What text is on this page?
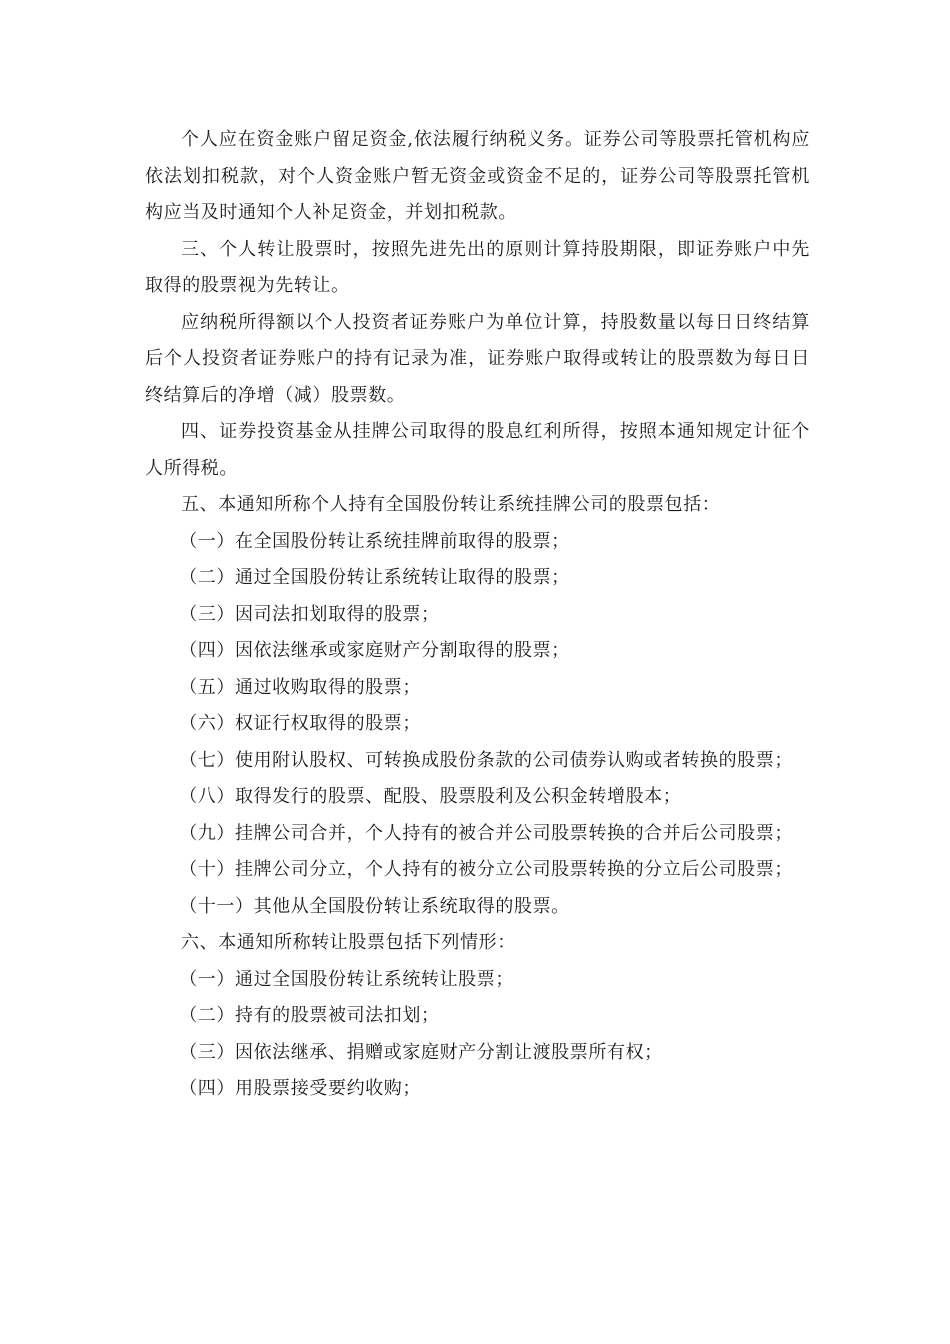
个人应在资金账户留足资金,依法履行纳税义务。证券公司等股票托管机构应依法划扣税款，对个人资金账户暂无资金或资金不足的，证券公司等股票托管机构应当及时通知个人补足资金，并划扣税款。

三、个人转让股票时，按照先进先出的原则计算持股期限，即证券账户中先取得的股票视为先转让。

应纳税所得额以个人投资者证券账户为单位计算，持股数量以每日日终结算后个人投资者证券账户的持有记录为准，证券账户取得或转让的股票数为每日日终结算后的净增（减）股票数。

四、证券投资基金从挂牌公司取得的股息红利所得，按照本通知规定计征个人所得税。

五、本通知所称个人持有全国股份转让系统挂牌公司的股票包括：

（一）在全国股份转让系统挂牌前取得的股票；

（二）通过全国股份转让系统转让取得的股票；

（三）因司法扣划取得的股票；

（四）因依法继承或家庭财产分割取得的股票；

（五）通过收购取得的股票；

（六）权证行权取得的股票；

（七）使用附认股权、可转换成股份条款的公司债券认购或者转换的股票；

（八）取得发行的股票、配股、股票股利及公积金转增股本；

（九）挂牌公司合并，个人持有的被合并公司股票转换的合并后公司股票；

（十）挂牌公司分立，个人持有的被分立公司股票转换的分立后公司股票；

（十一）其他从全国股份转让系统取得的股票。

六、本通知所称转让股票包括下列情形：

（一）通过全国股份转让系统转让股票；

（二）持有的股票被司法扣划；

（三）因依法继承、捐赠或家庭财产分割让渡股票所有权；

（四）用股票接受要约收购；
